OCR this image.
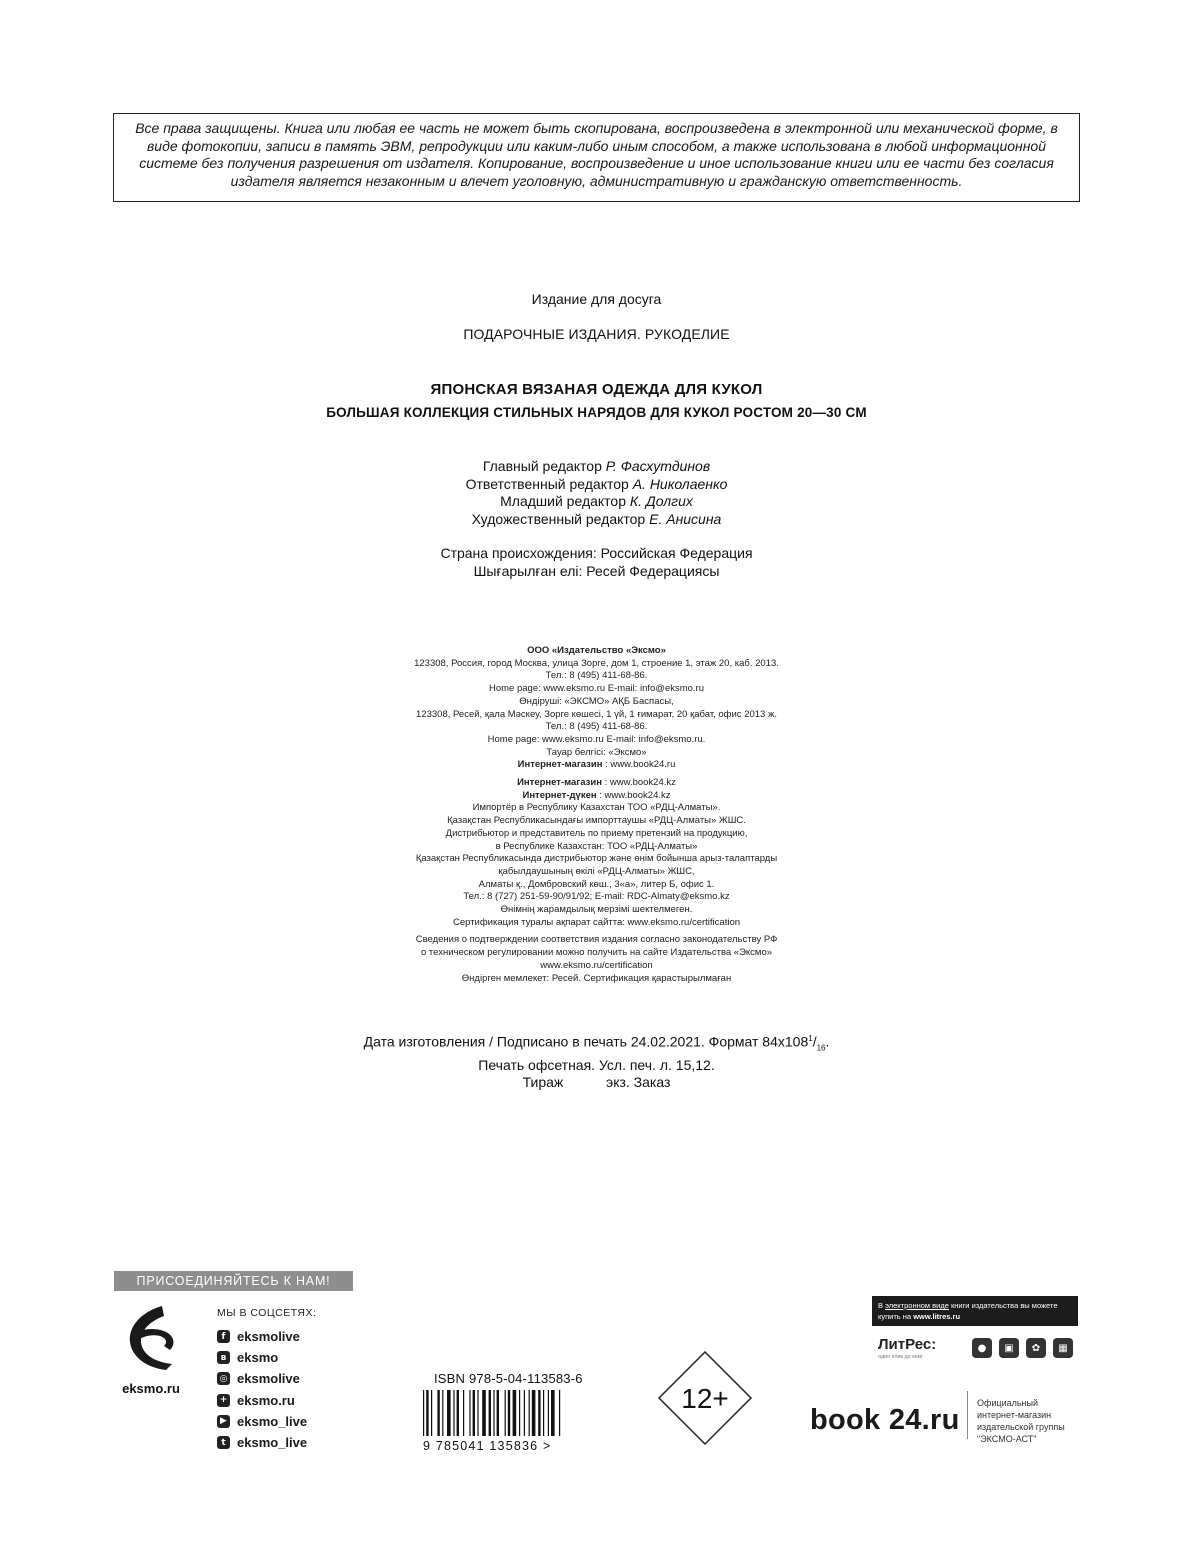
Все права защищены. Книга или любая ее часть не может быть скопирована, воспроизведена в электронной или механической форме, в виде фотокопии, записи в память ЭВМ, репродукции или каким-либо иным способом, а также использована в любой информационной системе без получения разрешения от издателя. Копирование, воспроизведение и иное использование книги или ее части без согласия издателя является незаконным и влечет уголовную, административную и гражданскую ответственность.
Издание для досуга
ПОДАРОЧНЫЕ ИЗДАНИЯ. РУКОДЕЛИЕ
ЯПОНСКАЯ ВЯЗАНАЯ ОДЕЖДА ДЛЯ КУКОЛ
БОЛЬШАЯ КОЛЛЕКЦИЯ СТИЛЬНЫХ НАРЯДОВ ДЛЯ КУКОЛ РОСТОМ 20—30 СМ
Главный редактор Р. Фасхутдинов
Ответственный редактор А. Николаенко
Младший редактор К. Долгих
Художественный редактор Е. Анисина
Страна происхождения: Российская Федерация
Шығарылған елі: Ресей Федерациясы
ООО «Издательство «Эксмо»
123308, Россия, город Москва, улица Зорге, дом 1, строение 1, этаж 20, каб. 2013.
Тел.: 8 (495) 411-68-86.
Home page: www.eksmo.ru E-mail: info@eksmo.ru
Өндіруші: «ЭКСМО» АҚБ Баспасы,
123308, Ресей, қала Мәскеу, Зорге көшесі, 1 үй, 1 ғимарат, 20 қабат, офис 2013 ж.
Тел.: 8 (495) 411-68-86.
Home page: www.eksmo.ru E-mail: info@eksmo.ru.
Тауар белгісі: «Эксмо»
Интернет-магазин : www.book24.ru
Интернет-магазин : www.book24.kz
Интернет-дүкен : www.book24.kz
Импортёр в Республику Казахстан ТОО «РДЦ-Алматы».
Қазақстан Республикасындағы импорттаушы «РДЦ-Алматы» ЖШС.
Дистрибьютор и представитель по приему претензий на продукцию,
в Республике Казахстан: ТОО «РДЦ-Алматы»
Қазақстан Республикасында дистрибьютор және өнім бойынша арыз-талаптарды
қабылдаушының өкілі «РДЦ-Алматы» ЖШС,
Алматы қ., Домбровский көш., 3«а», литер Б, офис 1.
Тел.: 8 (727) 251-59-90/91/92; E-mail: RDC-Almaty@eksmo.kz
Өнімнің жарамдылық мерзімі шектелмеген.
Сертификация туралы ақпарат сайтта: www.eksmo.ru/certification
Сведения о подтверждении соответствия издания согласно законодательству РФ
о техническом регулировании можно получить на сайте Издательства «Эксмо»
www.eksmo.ru/certification
Өндірген мемлекет: Ресей. Сертификация қарастырылмаған
Дата изготовления / Подписано в печать 24.02.2021. Формат $84x108^1/_{16}$.
Печать офсетная. Усл. печ. л. 15,12.
Тираж           экз. Заказ
ПРИСОЕДИНЯЙТЕСЬ К НАМ!
eksmo.ru
МЫ В СОЦСЕТЯХ:
f eksmolive
в eksmo
◎ eksmolive
+ eksmo.ru
▶ eksmo_live
t eksmo_live
ISBN 978-5-04-113583-6
9 785041 135836 >
12+
В электронном виде книги издательства вы можете
купить на www.litres.ru
ЛитРес:
один клик до книг
●	▣	✿	▦
book 24.ru
Официальный
интернет-магазин
издательской группы
"ЭКСМО-АСТ"
